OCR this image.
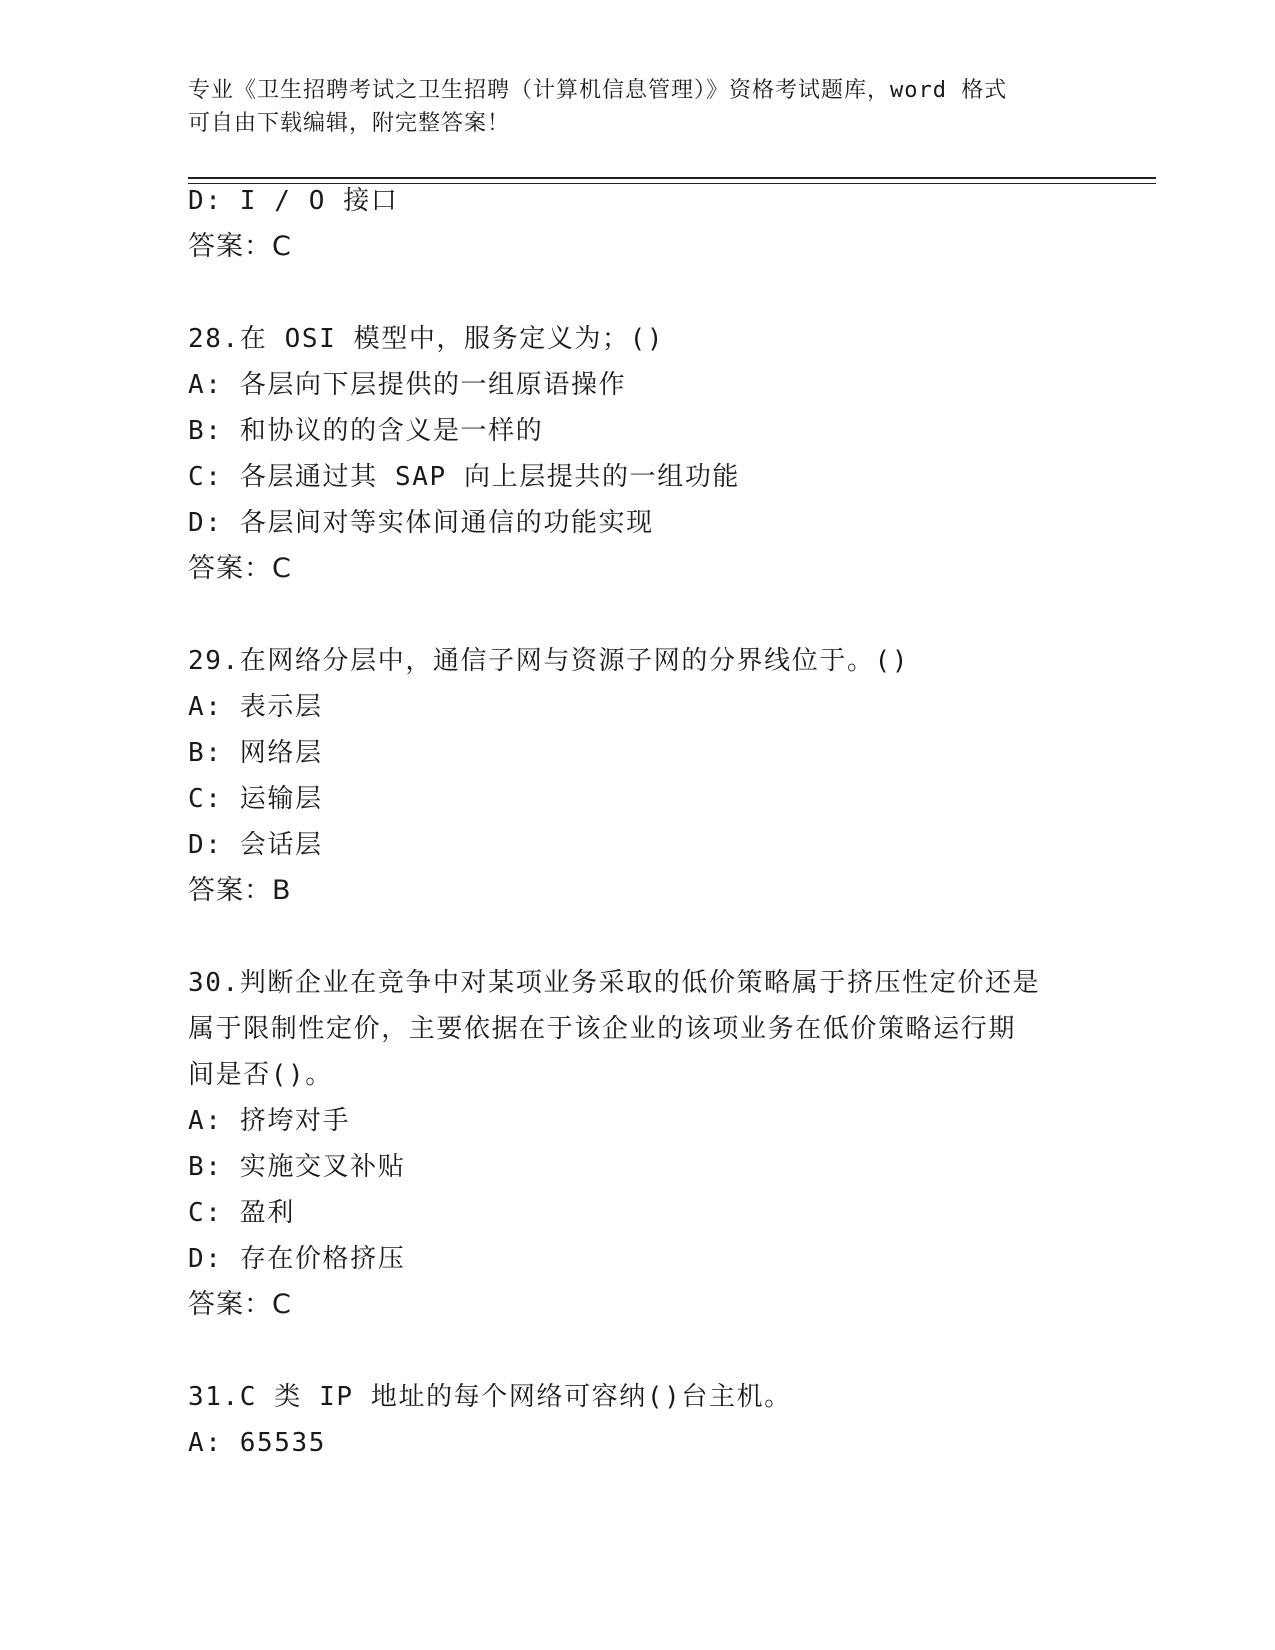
专业《卫生招聘考试之卫生招聘（计算机信息管理）》资格考试题库，word 格式
可自由下载编辑，附完整答案！
D: I / O 接口
答案：C
28.在 OSI 模型中，服务定义为；()
A: 各层向下层提供的一组原语操作
B: 和协议的的含义是一样的
C: 各层通过其 SAP 向上层提共的一组功能
D: 各层间对等实体间通信的功能实现
答案：C
29.在网络分层中，通信子网与资源子网的分界线位于。()
A: 表示层
B: 网络层
C: 运输层
D: 会话层
答案：B
30.判断企业在竞争中对某项业务采取的低价策略属于挤压性定价还是
属于限制性定价，主要依据在于该企业的该项业务在低价策略运行期
间是否()。
A: 挤垮对手
B: 实施交叉补贴
C: 盈利
D: 存在价格挤压
答案：C
31.C 类 IP 地址的每个网络可容纳()台主机。
A: 65535
